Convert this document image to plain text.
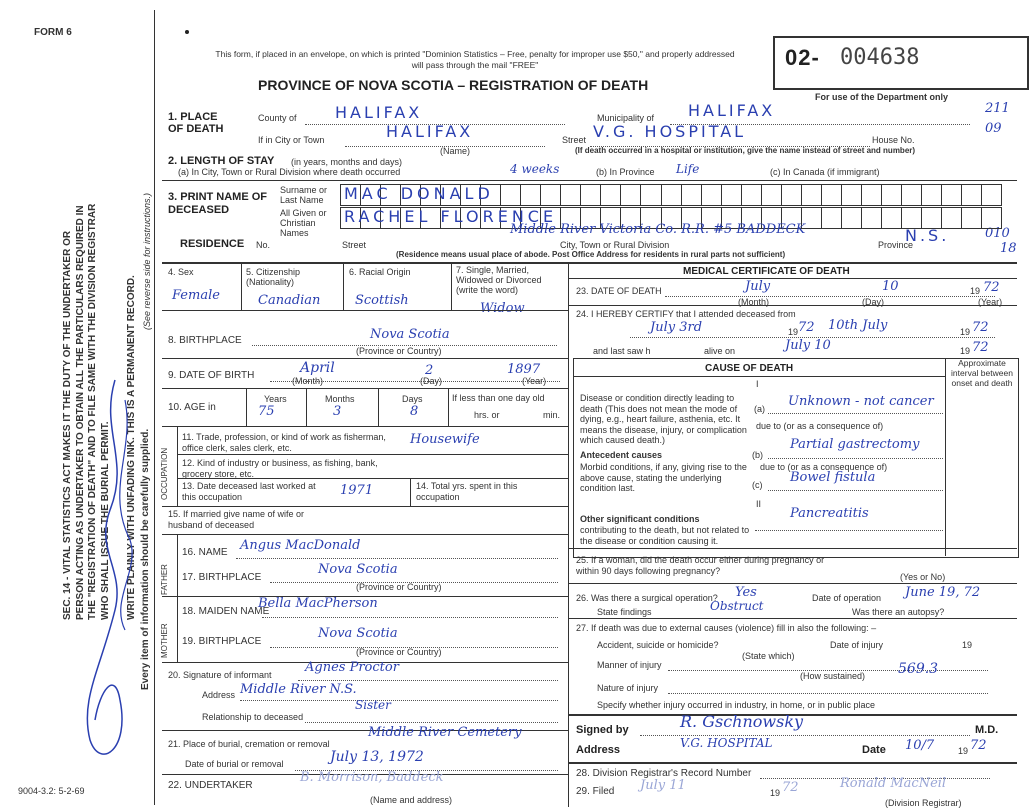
FORM 6
SEC. 14 - VITAL STATISTICS ACT MAKES IT THE DUTY OF THE UNDERTAKER OR PERSON ACTING AS UNDERTAKER TO OBTAIN ALL THE PARTICULARS REQUIRED IN THE "REGISTRATION OF DEATH" AND TO FILE SAME WITH THE DIVISION REGISTRAR WHO SHALL ISSUE THE BURIAL PERMIT. WRITE PLAINLY WITH UNFADING INK. THIS IS A PERMANENT RECORD. Every item of information should be carefully supplied.
(See reverse side for instructions.)
9004-3.2: 5-2-69
This form, if placed in an envelope, on which is printed "Dominion Statistics – Free, penalty for improper use $50," and properly addressed will pass through the mail "FREE"
PROVINCE OF NOVA SCOTIA – REGISTRATION OF DEATH
02- 004638
For use of the Department only
211
09
010
18
1. PLACE OF DEATH
County of HALIFAX	Municipality of HALIFAX
If in City or Town	HALIFAX
(Name)
Street V.G. HOSPITAL	House No.
(If death occurred in a hospital or institution, give the name instead of street and number)
2. LENGTH OF STAY (in years, months and days)
(a) In City, Town or Rural Division where death occurred	4 weeks	(b) In Province Life	(c) In Canada (if immigrant)
3. PRINT NAME OF DECEASED
Surname or Last Name	MAC DONALD
All Given or Christian Names
RACHEL FLORENCE
RESIDENCE No.	Street	City, Town or Rural Division
Middle River Victoria Co. R.R. #5 BADDECK
Province
N.S.
(Residence means usual place of abode. Post Office Address for residents in rural parts not sufficient)
4. Sex
Female
5. Citizenship (Nationality)
Canadian
6. Racial Origin
Scottish
7. Single, Married, Widowed or Divorced (write the word)
Widow
8. BIRTHPLACE	Nova Scotia
(Province or Country)
9. DATE OF BIRTH	April	2	1897
(Month)	(Day)	(Year)
10. AGE in
Years	Months	Days
75	3	8
If less than one day old
hrs. or	min.
OCCUPATION
11. Trade, profession, or kind of work as fisherman, office clerk, sales clerk, etc.
Housewife
12. Kind of industry or business, as fishing, bank, grocery store, etc.
13. Date deceased last worked at this occupation	1971	14. Total yrs. spent in this occupation
15. If married give name of wife or husband of deceased
FATHER
MOTHER
16. NAME Angus MacDonald
17. BIRTHPLACE
Nova Scotia
(Province or Country)
18. MAIDEN NAME
Bella MacPherson
19. BIRTHPLACE
Nova Scotia
(Province or Country)
20. Signature of informant	Agnes Proctor
Address Middle River N.S.
Sister
Relationship to deceased
21. Place of burial, cremation or removal
Middle River Cemetery
Date of burial or removal	July 13, 1972
22. UNDERTAKER
B. Morrison, Baddeck
(Name and address)
MEDICAL CERTIFICATE OF DEATH
23. DATE OF DEATH	July	10	19 72
(Month)	(Day)	(Year)
24. I HEREBY CERTIFY that I attended deceased from
July 3rd	19 72 10th July	19 72
and last saw h	alive on	July 10	19 72
CAUSE OF DEATH	Approximate interval between onset and death
I
Disease or condition directly leading to death (This does not mean the mode of dying, e.g., heart failure, asthenia, etc. It means the disease, injury, or complication which caused death.)
(a) Unknown - not cancer
due to (or as a consequence of)
Antecedent causes
Morbid conditions, if any, giving rise to the above cause, stating the underlying condition last.
(b)
Partial gastrectomy
due to (or as a consequence of)
(c) Bowel fistula
II
Other significant conditions
contributing to the death, but not related to the disease or condition causing it.
Pancreatitis
25. If a woman, did the death occur either during pregnancy or within 90 days following pregnancy?
(Yes or No)
26. Was there a surgical operation? Yes	Date of operation June 19, 72
State findings	Obstruct	Was there an autopsy?
27. If death was due to external causes (violence) fill in also the following: –
Accident, suicide or homicide?	Date of injury	19
(State which)
Manner of injury	569.3
(How sustained)
Nature of injury
Specify whether injury occurred in industry, in home, or in public place
Signed by	R. Gschnowsky	M.D.
Address	V.G. HOSPITAL	Date 10/7	19 72
28. Division Registrar's Record Number
29. Filed July 11	19 72	Ronald MacNeil
(Division Registrar)
